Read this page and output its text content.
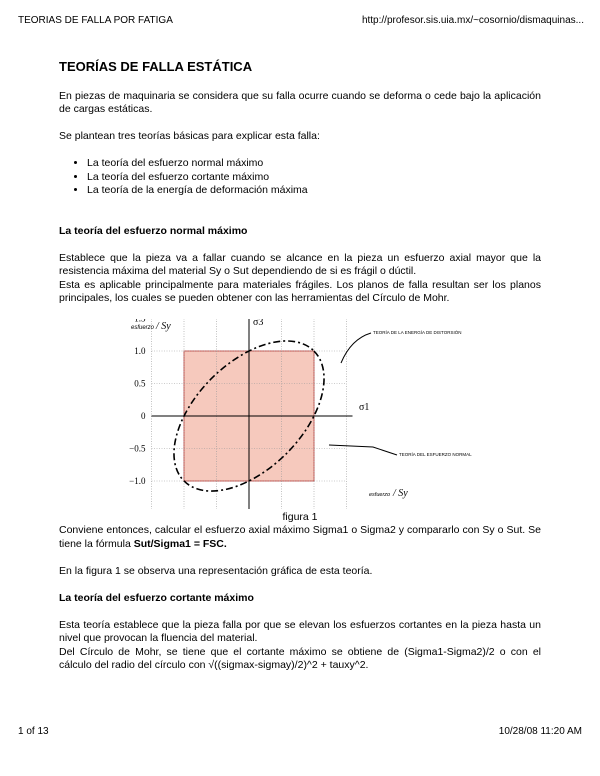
TEORIAS DE FALLA POR FATIGA	http://profesor.sis.uia.mx/~cosornio/dismaquinas...
TEORÍAS DE FALLA ESTÁTICA

En piezas de maquinaria se considera que su falla ocurre cuando se deforma o cede bajo la aplicación de cargas estáticas.

Se plantean tres teorías básicas para explicar esta falla:

• La teoría del esfuerzo normal máximo
• La teoría del esfuerzo cortante máximo
• La teoría de la energía de deformación máxima
La teoría del esfuerzo normal máximo

Establece que la pieza va a fallar cuando se alcance en la pieza un esfuerzo axial mayor que la resistencia máxima del material Sy o Sut dependiendo de si es frágil o dúctil.

Esta es aplicable principalmente para materiales frágiles. Los planos de falla resultan ser los planos principales, los cuales se pueden obtener con las herramientas del Círculo de Mohr.

−1.0
−0.5
0
0.5
1.0
esfuerzo / Sy	σ3
σ1
esfuerzo / Sy
TEORÍA DE LA ENERGÍA DE DISTORSIÓN
TEORÍA DEL ESFUERZO NORMAL
figura 1

Conviene entonces, calcular el esfuerzo axial máximo Sigma1 o Sigma2 y compararlo con Sy o Sut. Se tiene la fórmula Sut/Sigma1 = FSC.

En la figura 1 se observa una representación gráfica de esta teoría.

La teoría del esfuerzo cortante máximo

Esta teoría establece que la pieza falla por que se elevan los esfuerzos cortantes en la pieza hasta un nivel que provocan la fluencia del material.

Del Círculo de Mohr, se tiene que el cortante máximo se obtiene de (Sigma1-Sigma2)/2 o con el cálculo del radio del círculo con √((sigmax-sigmay)/2)^2 + tauxy^2.

1 of 13	10/28/08 11:20 AM
